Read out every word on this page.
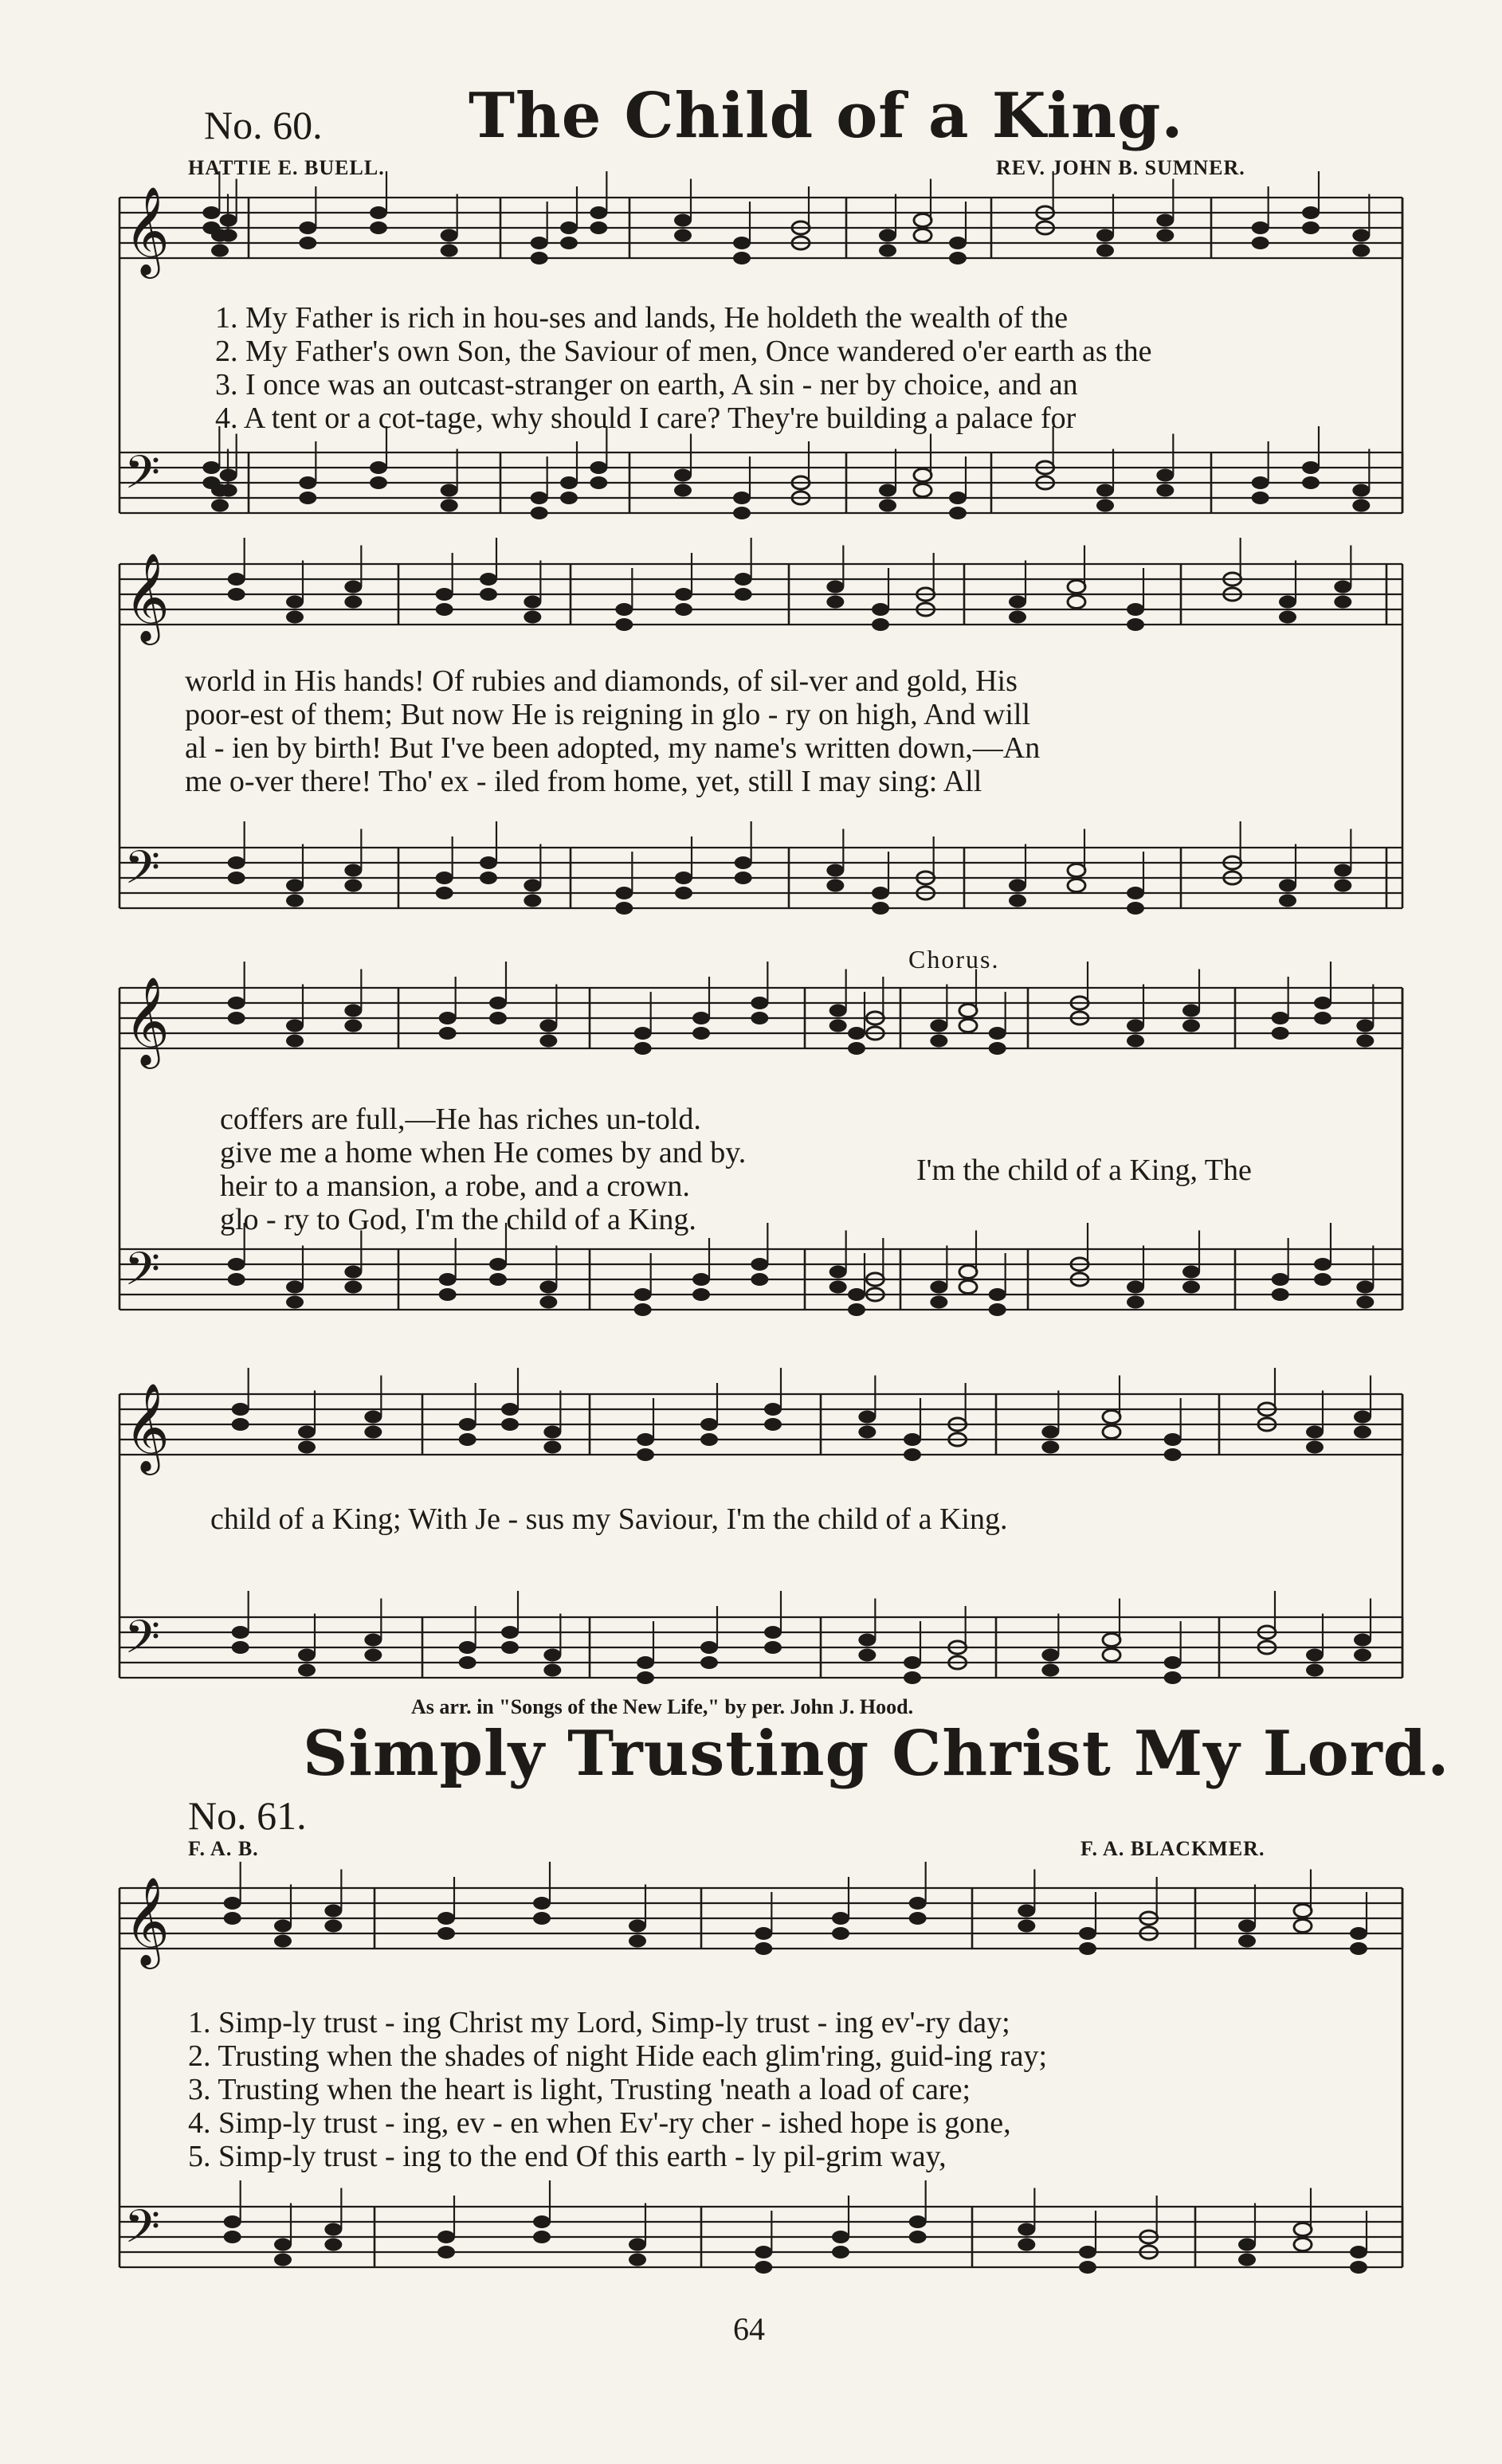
No. 60. The Child of a King.
HATTIE E. BUELL.	REV. JOHN B. SUMNER.
𝄞
𝄢
1. My Father is rich in hou-ses and lands, He holdeth the wealth of the
2. My Father's own Son, the Saviour of men, Once wandered o'er earth as the
3. I once was an outcast-stranger on earth, A sin - ner by choice, and an
4. A tent or a cot-tage, why should I care? They're building a palace for
𝄞
𝄢
world in His hands! Of rubies and diamonds, of sil-ver and gold, His
poor-est of them; But now He is reigning in glo - ry on high, And will
al - ien by birth! But I've been adopted, my name's written down,—An
me o-ver there! Tho' ex - iled from home, yet, still I may sing: All
Chorus.
𝄞
𝄢
coffers are full,—He has riches un-told.
give me a home when He comes by and by.
heir to a mansion, a robe, and a crown.
glo - ry to God, I'm the child of a King.
I'm the child of a King, The
𝄞
𝄢
child of a King; With Je - sus my Saviour, I'm the child of a King.
As arr. in "Songs of the New Life," by per. John J. Hood.
Simply Trusting Christ My Lord.
No. 61.
F. A. B.	F. A. BLACKMER.
𝄞
𝄢
1. Simp-ly trust - ing Christ my Lord, Simp-ly trust - ing ev'-ry day;
2. Trusting when the shades of night Hide each glim'ring, guid-ing ray;
3. Trusting when the heart is light, Trusting 'neath a load of care;
4. Simp-ly trust - ing, ev - en when Ev'-ry cher - ished hope is gone,
5. Simp-ly trust - ing to the end Of this earth - ly pil-grim way,
64
